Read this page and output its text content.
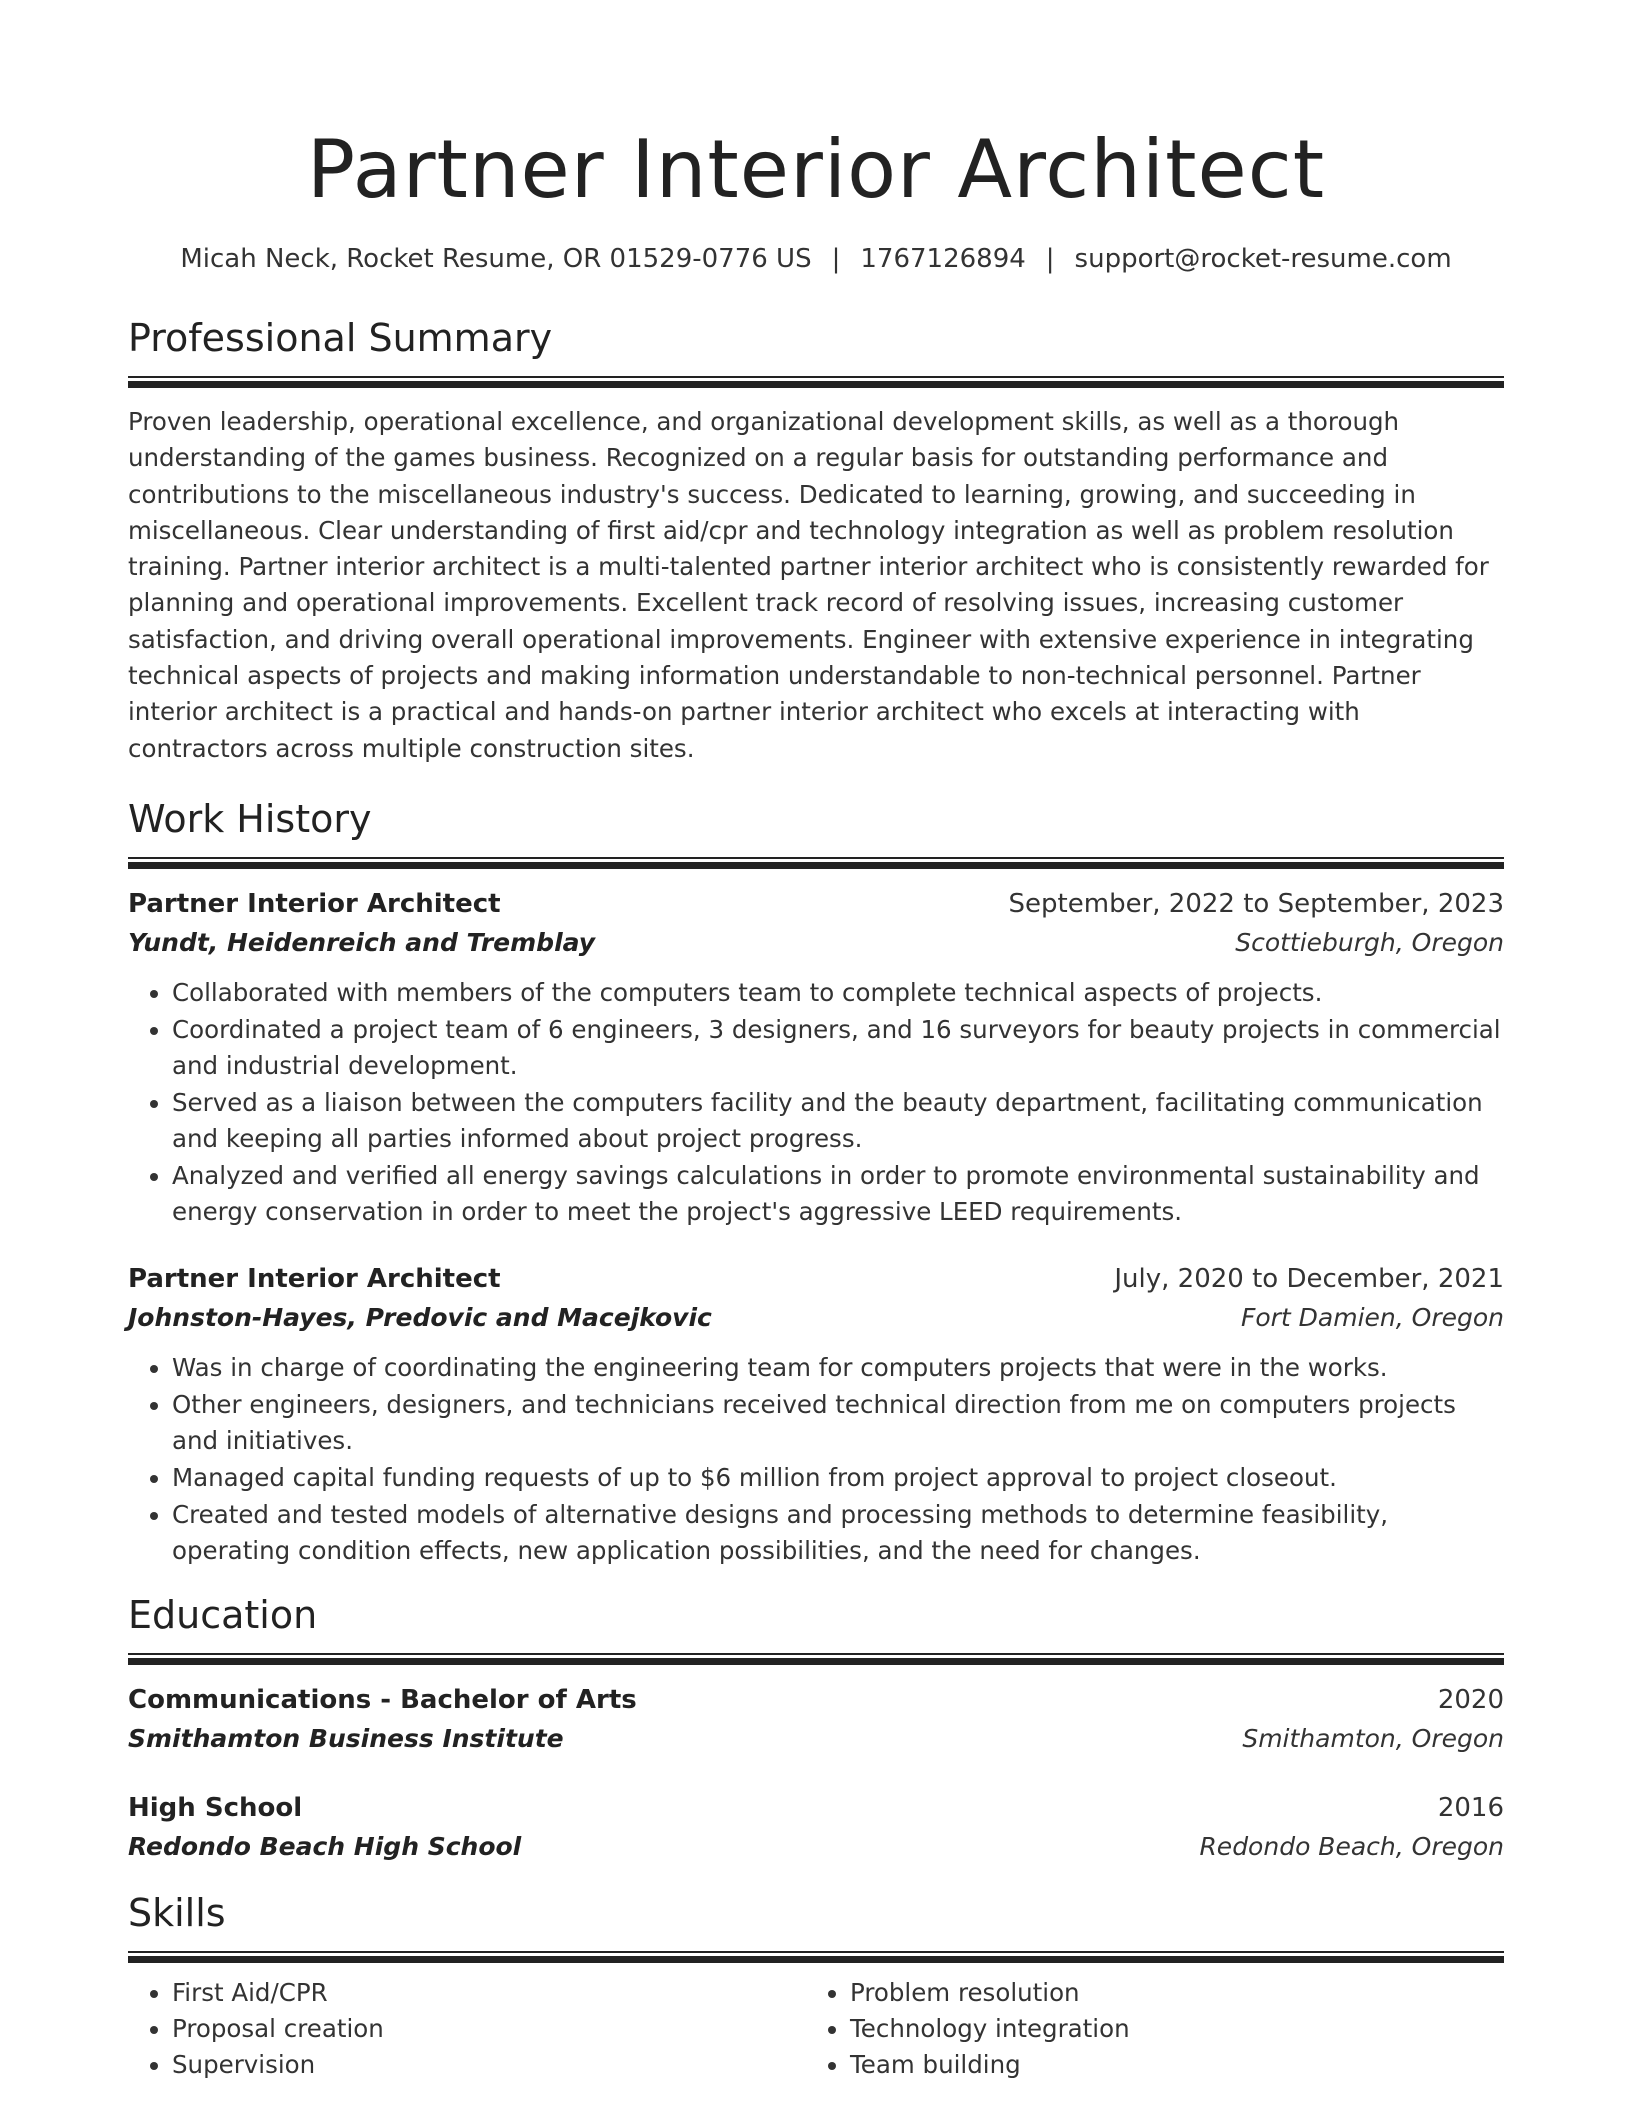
Partner Interior Architect
Micah Neck, Rocket Resume, OR 01529-0776 US | 1767126894 | support@rocket-resume.com
Professional Summary
Proven leadership, operational excellence, and organizational development skills, as well as a thorough understanding of the games business. Recognized on a regular basis for outstanding performance and contributions to the miscellaneous industry's success. Dedicated to learning, growing, and succeeding in miscellaneous. Clear understanding of first aid/cpr and technology integration as well as problem resolution training. Partner interior architect is a multi-talented partner interior architect who is consistently rewarded for planning and operational improvements. Excellent track record of resolving issues, increasing customer satisfaction, and driving overall operational improvements. Engineer with extensive experience in integrating technical aspects of projects and making information understandable to non-technical personnel. Partner interior architect is a practical and hands-on partner interior architect who excels at interacting with contractors across multiple construction sites.
Work History
Partner Interior Architect	September, 2022 to September, 2023
Yundt, Heidenreich and Tremblay	Scottieburgh, Oregon
• Collaborated with members of the computers team to complete technical aspects of projects.
• Coordinated a project team of 6 engineers, 3 designers, and 16 surveyors for beauty projects in commercial and industrial development.
• Served as a liaison between the computers facility and the beauty department, facilitating communication and keeping all parties informed about project progress.
• Analyzed and verified all energy savings calculations in order to promote environmental sustainability and energy conservation in order to meet the project's aggressive LEED requirements.
Partner Interior Architect	July, 2020 to December, 2021
Johnston-Hayes, Predovic and Macejkovic	Fort Damien, Oregon
• Was in charge of coordinating the engineering team for computers projects that were in the works.
• Other engineers, designers, and technicians received technical direction from me on computers projects and initiatives.
• Managed capital funding requests of up to $6 million from project approval to project closeout.
• Created and tested models of alternative designs and processing methods to determine feasibility, operating condition effects, new application possibilities, and the need for changes.
Education
Communications - Bachelor of Arts	2020
Smithamton Business Institute	Smithamton, Oregon
High School	2016
Redondo Beach High School	Redondo Beach, Oregon
Skills
• First Aid/CPR
• Proposal creation
• Supervision
• Problem resolution
• Technology integration
• Team building
